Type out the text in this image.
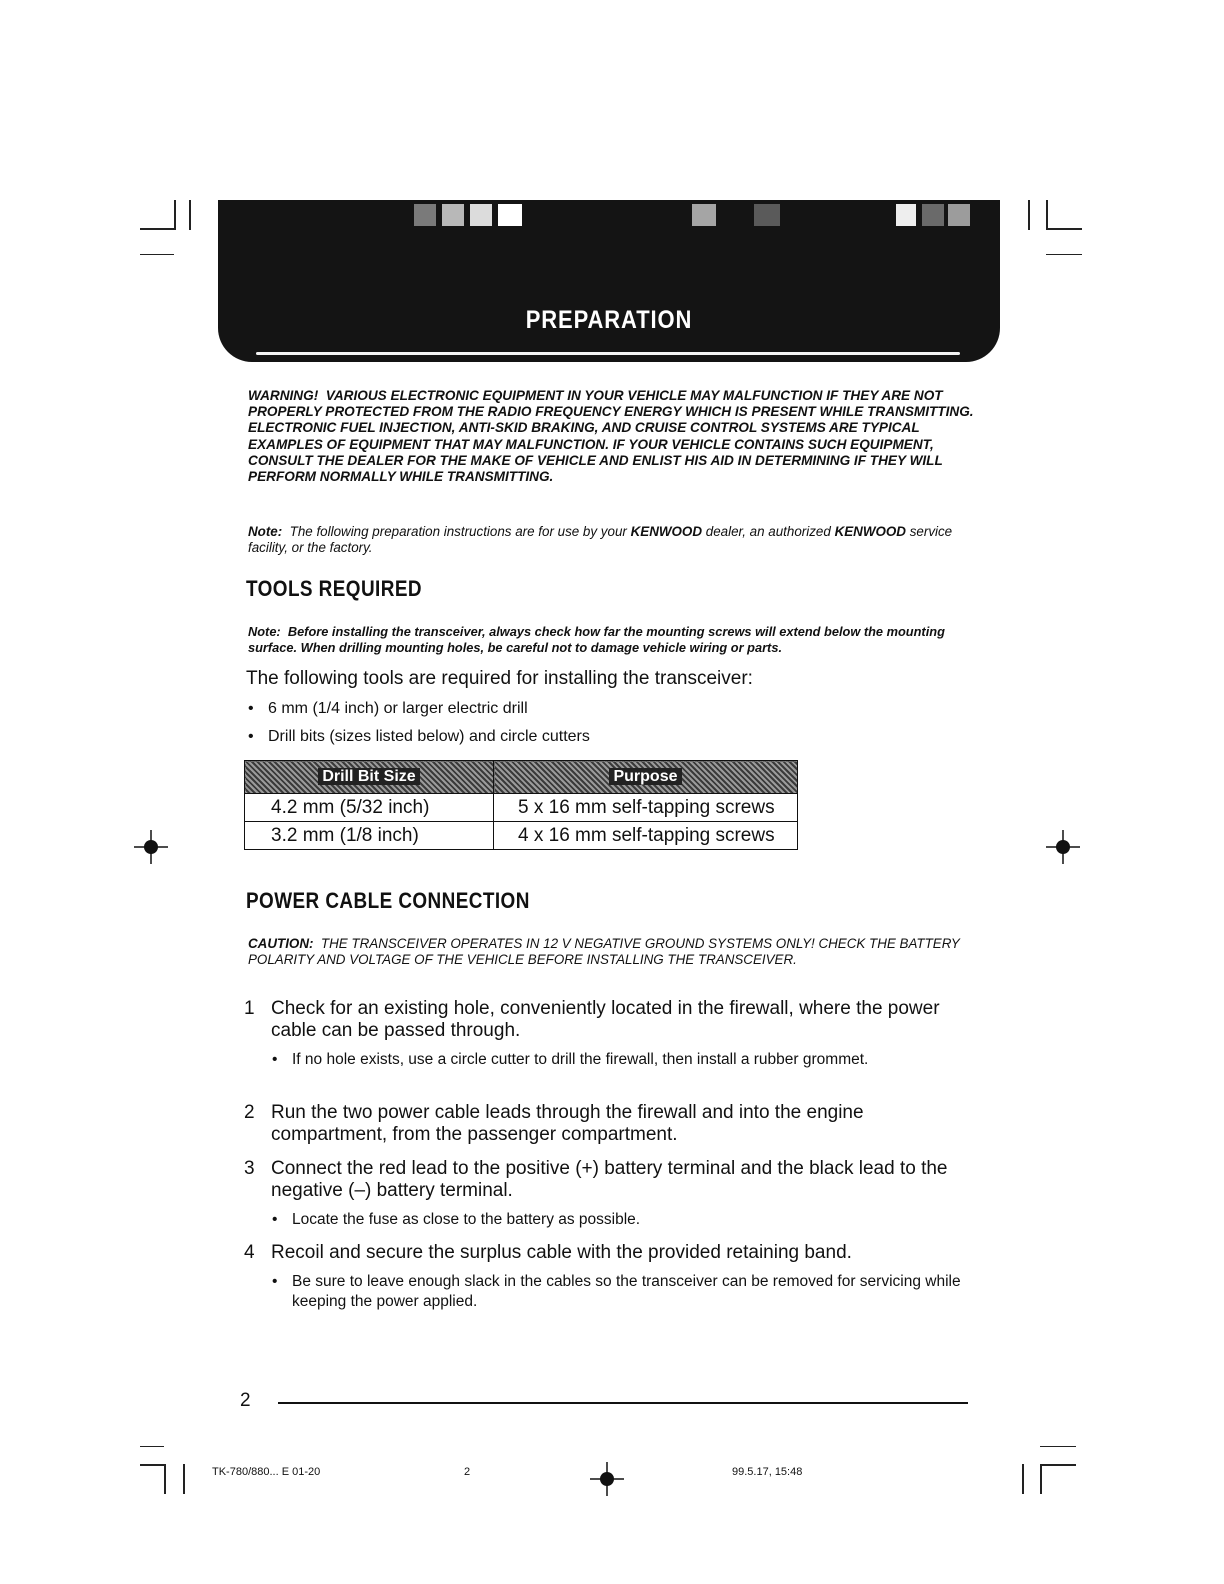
PREPARATION
WARNING! VARIOUS ELECTRONIC EQUIPMENT IN YOUR VEHICLE MAY MALFUNCTION IF THEY ARE NOT PROPERLY PROTECTED FROM THE RADIO FREQUENCY ENERGY WHICH IS PRESENT WHILE TRANSMITTING. ELECTRONIC FUEL INJECTION, ANTI-SKID BRAKING, AND CRUISE CONTROL SYSTEMS ARE TYPICAL EXAMPLES OF EQUIPMENT THAT MAY MALFUNCTION. IF YOUR VEHICLE CONTAINS SUCH EQUIPMENT, CONSULT THE DEALER FOR THE MAKE OF VEHICLE AND ENLIST HIS AID IN DETERMINING IF THEY WILL PERFORM NORMALLY WHILE TRANSMITTING.
Note: The following preparation instructions are for use by your KENWOOD dealer, an authorized KENWOOD service facility, or the factory.
TOOLS REQUIRED
Note: Before installing the transceiver, always check how far the mounting screws will extend below the mounting surface. When drilling mounting holes, be careful not to damage vehicle wiring or parts.
The following tools are required for installing the transceiver:
• 6 mm (1/4 inch) or larger electric drill
• Drill bits (sizes listed below) and circle cutters
Drill Bit Size	Purpose
4.2 mm (5/32 inch)	5 x 16 mm self-tapping screws
3.2 mm (1/8 inch)	4 x 16 mm self-tapping screws
POWER CABLE CONNECTION
CAUTION: THE TRANSCEIVER OPERATES IN 12 V NEGATIVE GROUND SYSTEMS ONLY! CHECK THE BATTERY POLARITY AND VOLTAGE OF THE VEHICLE BEFORE INSTALLING THE TRANSCEIVER.
1 Check for an existing hole, conveniently located in the firewall, where the power cable can be passed through.
• If no hole exists, use a circle cutter to drill the firewall, then install a rubber grommet.
2 Run the two power cable leads through the firewall and into the engine compartment, from the passenger compartment.
3 Connect the red lead to the positive (+) battery terminal and the black lead to the negative (–) battery terminal.
• Locate the fuse as close to the battery as possible.
4 Recoil and secure the surplus cable with the provided retaining band.
• Be sure to leave enough slack in the cables so the transceiver can be removed for servicing while keeping the power applied.
2
TK-780/880... E 01-20	2	99.5.17, 15:48
